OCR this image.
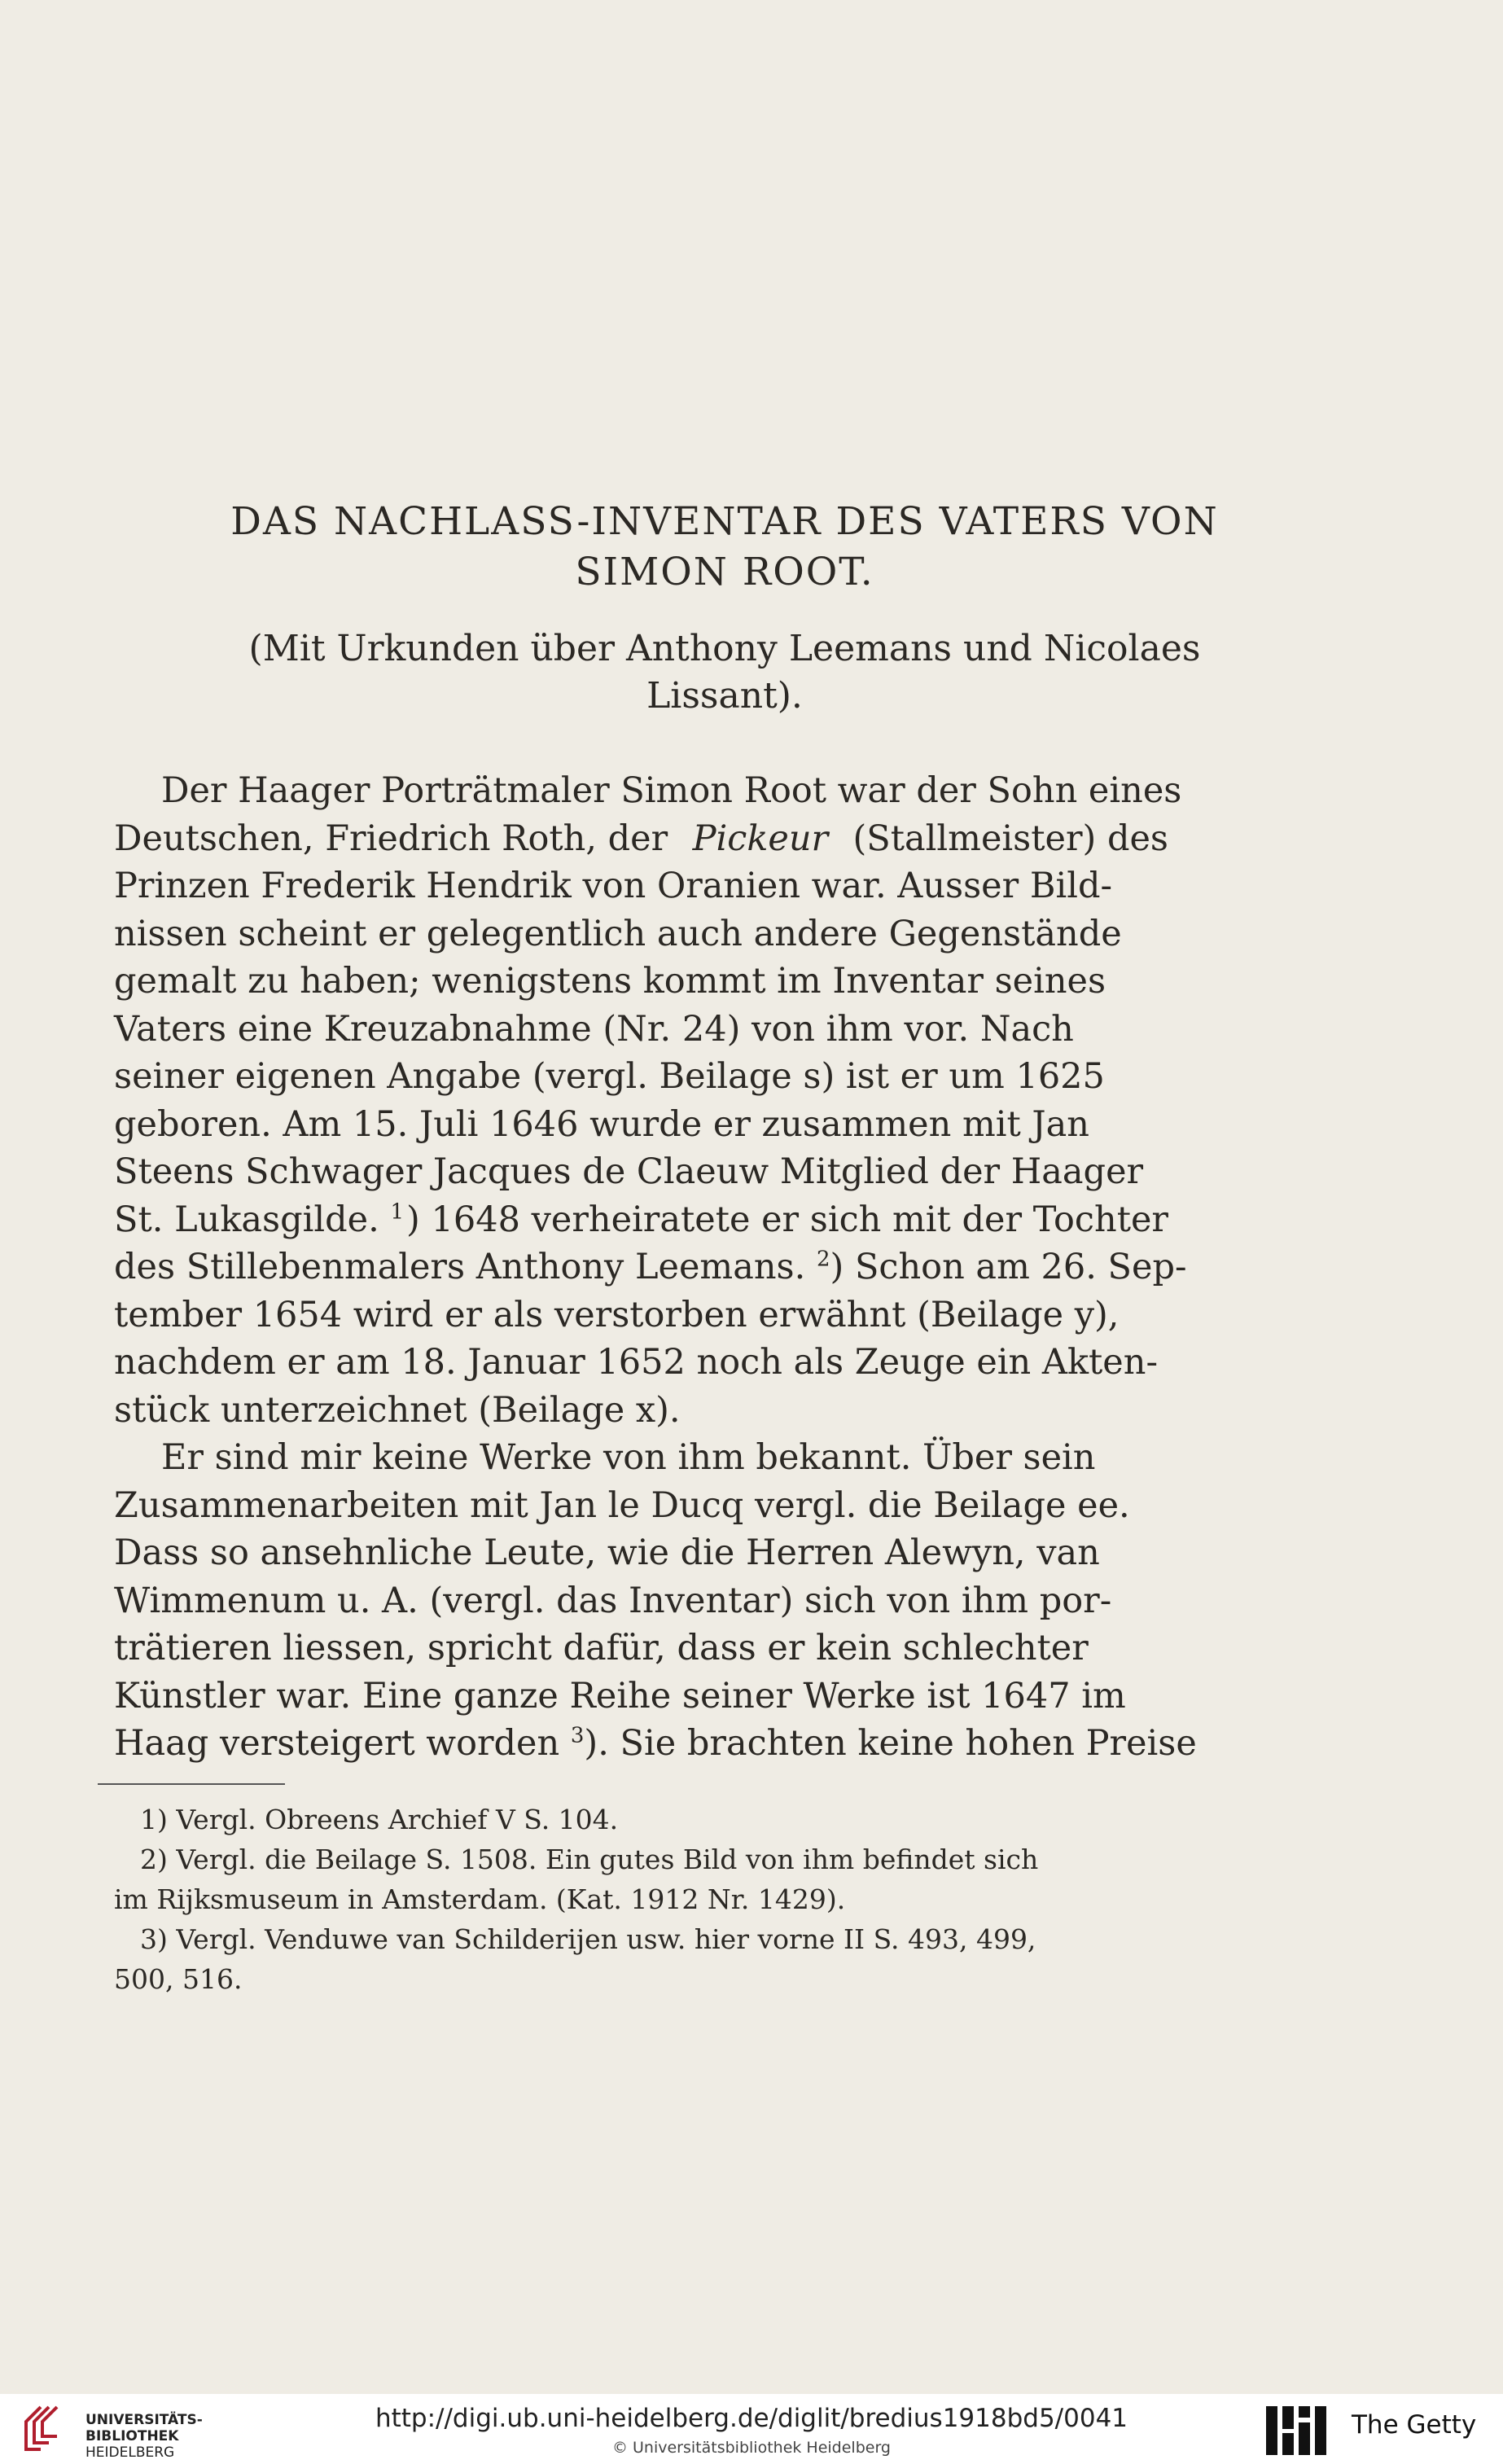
DAS NACHLASS-INVENTAR DES VATERS VON
SIMON ROOT.
(Mit Urkunden über Anthony Leemans und Nicolaes
Lissant).
Der Haager Porträtmaler Simon Root war der Sohn eines
Deutschen, Friedrich Roth, der Pickeur (Stallmeister) des
Prinzen Frederik Hendrik von Oranien war. Ausser Bild-
nissen scheint er gelegentlich auch andere Gegenstände
gemalt zu haben; wenigstens kommt im Inventar seines
Vaters eine Kreuzabnahme (Nr. 24) von ihm vor. Nach
seiner eigenen Angabe (vergl. Beilage s) ist er um 1625
geboren. Am 15. Juli 1646 wurde er zusammen mit Jan
Steens Schwager Jacques de Claeuw Mitglied der Haager
St. Lukasgilde. $^1$ ) 1648 verheiratete er sich mit der Tochter
des Stillebenmalers Anthony Leemans. $^2$ ) Schon am 26. Sep-
tember 1654 wird er als verstorben erwähnt (Beilage y),
nachdem er am 18. Januar 1652 noch als Zeuge ein Akten-
stück unterzeichnet (Beilage x).
Er sind mir keine Werke von ihm bekannt. Über sein
Zusammenarbeiten mit Jan le Ducq vergl. die Beilage ee.
Dass so ansehnliche Leute, wie die Herren Alewyn, van
Wimmenum u. A. (vergl. das Inventar) sich von ihm por-
trätieren liessen, spricht dafür, dass er kein schlechter
Künstler war. Eine ganze Reihe seiner Werke ist 1647 im
Haag versteigert worden $^3$ ). Sie brachten keine hohen Preise
1) Vergl. Obreens Archief V S. 104.
2) Vergl. die Beilage S. 1508. Ein gutes Bild von ihm befindet sich
im Rijksmuseum in Amsterdam. (Kat. 1912 Nr. 1429).
3) Vergl. Venduwe van Schilderijen usw. hier vorne II S. 493, 499,
500, 516.
UNIVERSITÄTS-
BIBLIOTHEK
HEIDELBERG
http://digi.ub.uni-heidelberg.de/diglit/bredius1918bd5/0041
© Universitätsbibliothek Heidelberg
The Getty
